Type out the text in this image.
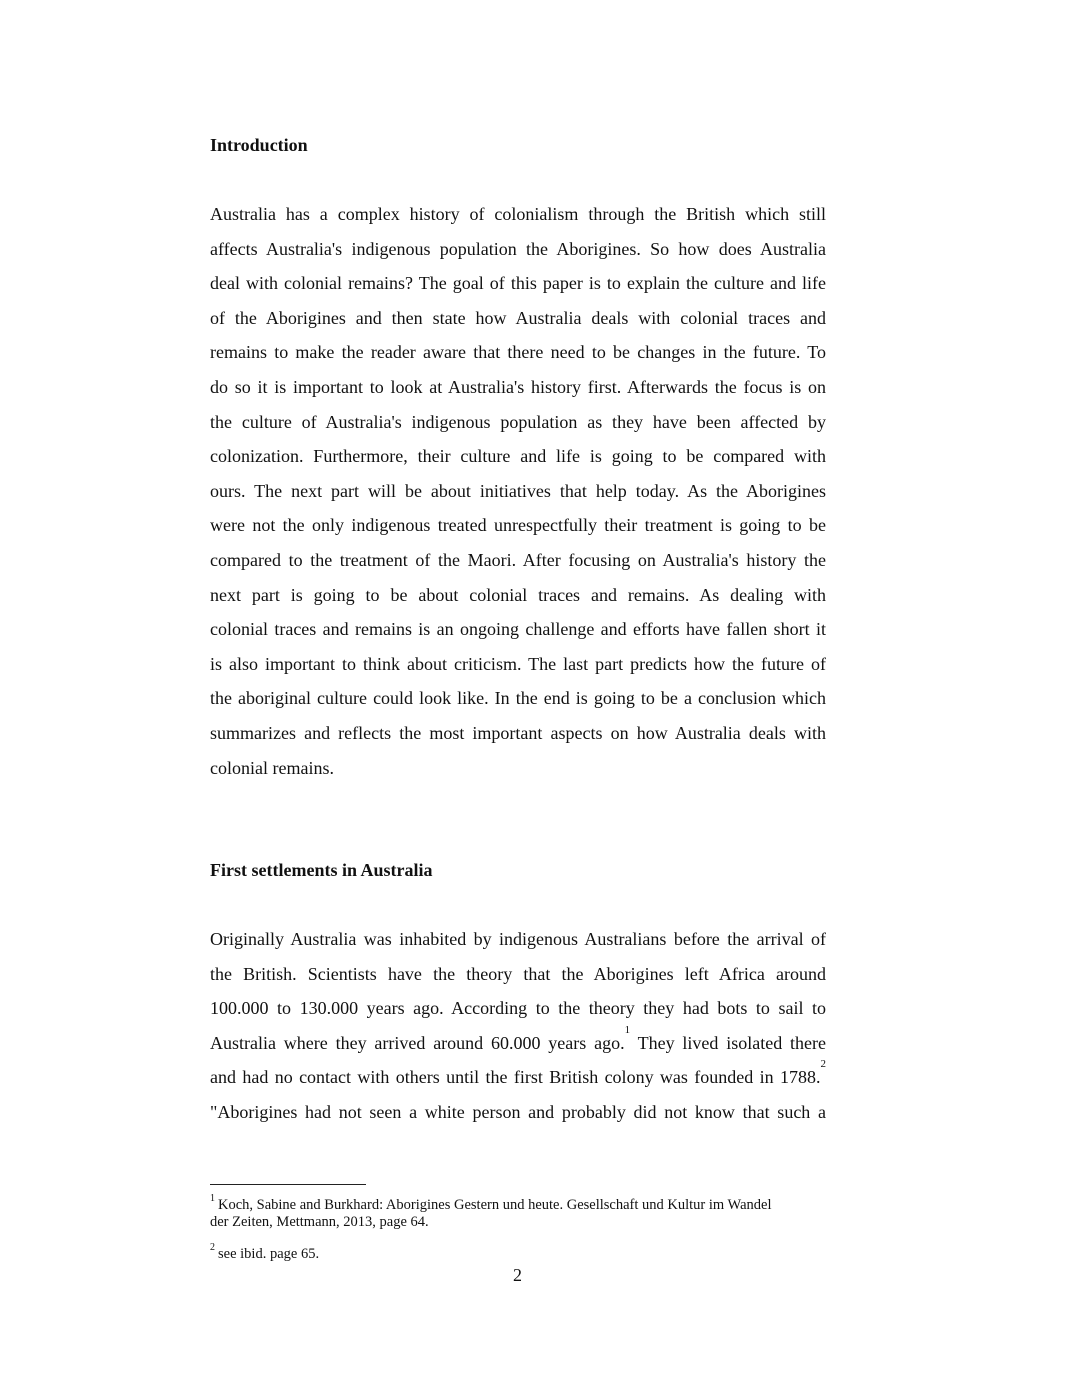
Introduction
Australia has a complex history of colonialism through the British which still
affects Australia's indigenous population the Aborigines. So how does Australia
deal with colonial remains? The goal of this paper is to explain the culture and life
of the Aborigines and then state how Australia deals with colonial traces and
remains to make the reader aware that there need to be changes in the future. To
do so it is important to look at Australia's history first. Afterwards the focus is on
the culture of Australia's indigenous population as they have been affected by
colonization. Furthermore, their culture and life is going to be compared with
ours. The next part will be about initiatives that help today. As the Aborigines
were not the only indigenous treated unrespectfully their treatment is going to be
compared to the treatment of the Maori. After focusing on Australia's history the
next part is going to be about colonial traces and remains. As dealing with
colonial traces and remains is an ongoing challenge and efforts have fallen short it
is also important to think about criticism. The last part predicts how the future of
the aboriginal culture could look like. In the end is going to be a conclusion which
summarizes and reflects the most important aspects on how Australia deals with
colonial remains.
First settlements in Australia
Originally Australia was inhabited by indigenous Australians before the arrival of
the British. Scientists have the theory that the Aborigines left Africa around
100.000 to 130.000 years ago. According to the theory they had bots to sail to
Australia where they arrived around 60.000 years ago.$^1$ They lived isolated there
and had no contact with others until the first British colony was founded in 1788.$^2$
"Aborigines had not seen a white person and probably did not know that such a

$^1$ Koch, Sabine and Burkhard: Aborigines Gestern und heute. Gesellschaft und Kultur im Wandel
der Zeiten, Mettmann, 2013, page 64.

$^2$ see ibid. page 65.

2
